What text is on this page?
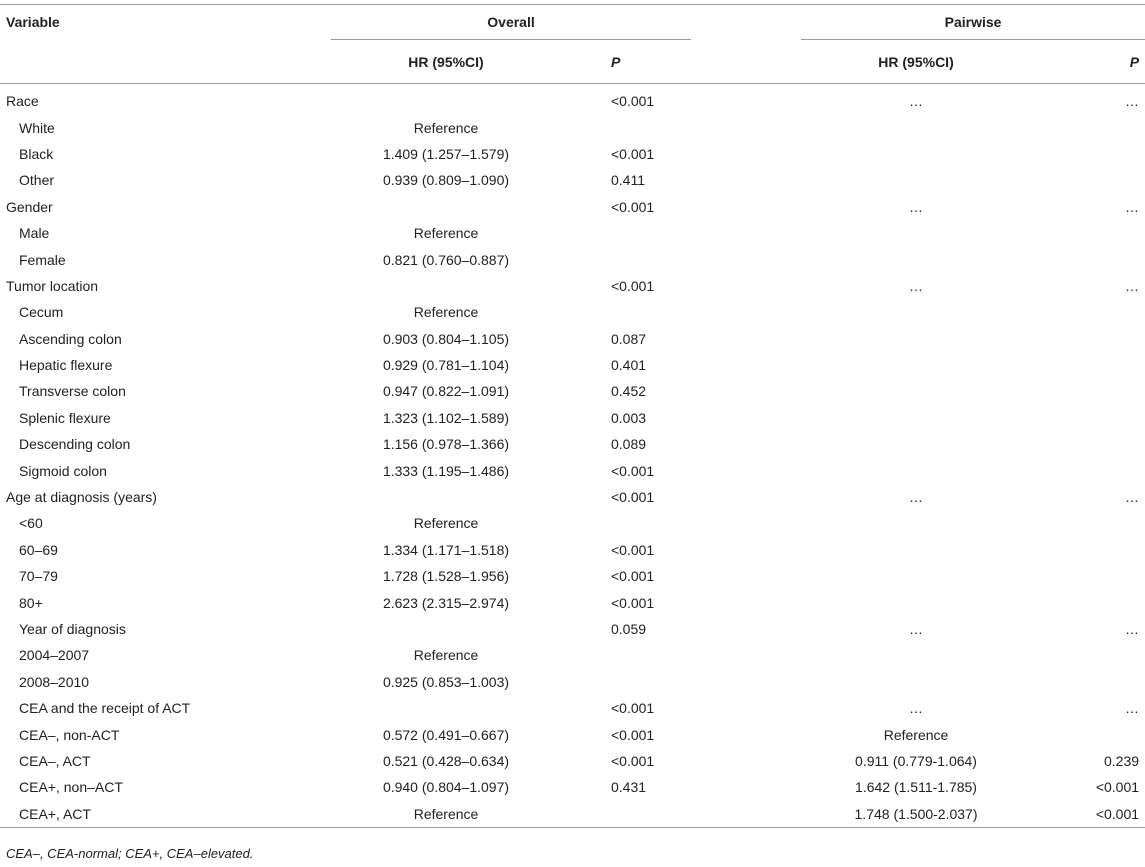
Variable	Overall			Pairwise	
	HR (95%CI)	P		HR (95%CI)	P
Race		<0.001		…	…
White	Reference				
Black	1.409 (1.257–1.579)	<0.001			
Other	0.939 (0.809–1.090)	0.411			
Gender		<0.001		…	…
Male	Reference				
Female	0.821 (0.760–0.887)				
Tumor location		<0.001		…	…
Cecum	Reference				
Ascending colon	0.903 (0.804–1.105)	0.087			
Hepatic flexure	0.929 (0.781–1.104)	0.401			
Transverse colon	0.947 (0.822–1.091)	0.452			
Splenic flexure	1.323 (1.102–1.589)	0.003			
Descending colon	1.156 (0.978–1.366)	0.089			
Sigmoid colon	1.333 (1.195–1.486)	<0.001			
Age at diagnosis (years)		<0.001		…	…
<60	Reference				
60–69	1.334 (1.171–1.518)	<0.001			
70–79	1.728 (1.528–1.956)	<0.001			
80+	2.623 (2.315–2.974)	<0.001			
Year of diagnosis		0.059		…	…
2004–2007	Reference				
2008–2010	0.925 (0.853–1.003)				
CEA and the receipt of ACT		<0.001		…	…
CEA–, non-ACT	0.572 (0.491–0.667)	<0.001		Reference	
CEA–, ACT	0.521 (0.428–0.634)	<0.001		0.911 (0.779-1.064)	0.239
CEA+, non–ACT	0.940 (0.804–1.097)	0.431		1.642 (1.511-1.785)	<0.001
CEA+, ACT	Reference			1.748 (1.500-2.037)	<0.001
CEA–, CEA-normal; CEA+, CEA–elevated.
